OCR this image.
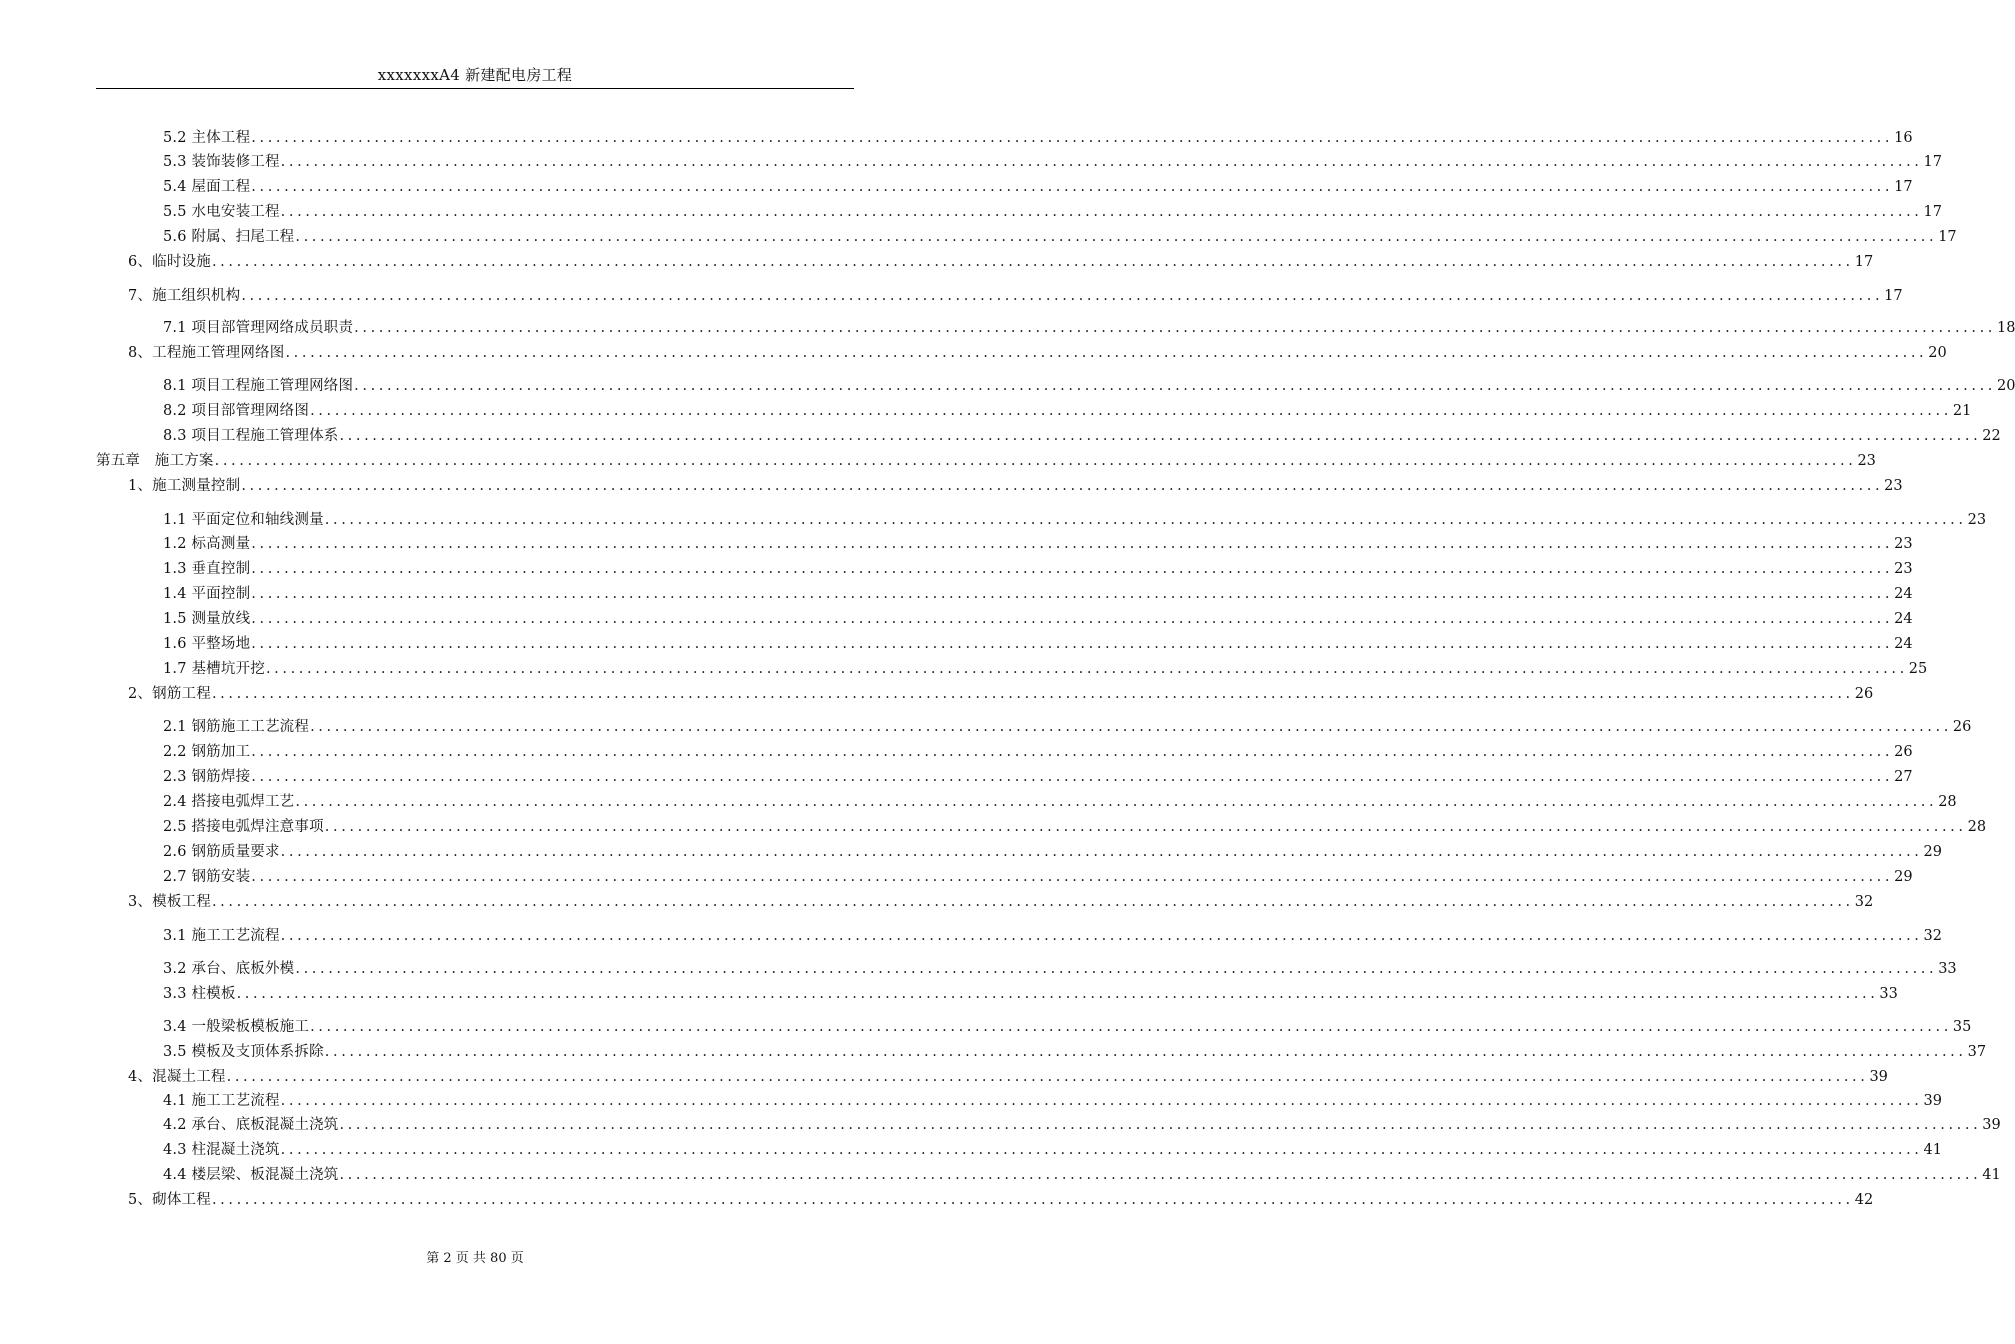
xxxxxxxA4 新建配电房工程
5.2 主体工程 ........................................................................................................................................................................................................ 16
5.3 装饰装修工程 ........................................................................................................................................................................................................ 17
5.4 屋面工程 ........................................................................................................................................................................................................ 17
5.5 水电安装工程 ........................................................................................................................................................................................................ 17
5.6 附属、扫尾工程 ........................................................................................................................................................................................................ 17
6、临时设施 ........................................................................................................................................................................................................ 17
7、施工组织机构 ........................................................................................................................................................................................................ 17
7.1 项目部管理网络成员职责 ........................................................................................................................................................................................................ 18
8、工程施工管理网络图 ........................................................................................................................................................................................................ 20
8.1 项目工程施工管理网络图 ........................................................................................................................................................................................................ 20
8.2 项目部管理网络图 ........................................................................................................................................................................................................ 21
8.3 项目工程施工管理体系 ........................................................................................................................................................................................................ 22
第五章　施工方案 ........................................................................................................................................................................................................ 23
1、施工测量控制 ........................................................................................................................................................................................................ 23
1.1 平面定位和轴线测量 ........................................................................................................................................................................................................ 23
1.2 标高测量 ........................................................................................................................................................................................................ 23
1.3 垂直控制 ........................................................................................................................................................................................................ 23
1.4 平面控制 ........................................................................................................................................................................................................ 24
1.5 测量放线 ........................................................................................................................................................................................................ 24
1.6 平整场地 ........................................................................................................................................................................................................ 24
1.7 基槽坑开挖 ........................................................................................................................................................................................................ 25
2、钢筋工程 ........................................................................................................................................................................................................ 26
2.1 钢筋施工工艺流程 ........................................................................................................................................................................................................ 26
2.2 钢筋加工 ........................................................................................................................................................................................................ 26
2.3 钢筋焊接 ........................................................................................................................................................................................................ 27
2.4 搭接电弧焊工艺 ........................................................................................................................................................................................................ 28
2.5 搭接电弧焊注意事项 ........................................................................................................................................................................................................ 28
2.6 钢筋质量要求 ........................................................................................................................................................................................................ 29
2.7 钢筋安装 ........................................................................................................................................................................................................ 29
3、模板工程 ........................................................................................................................................................................................................ 32
3.1 施工工艺流程 ........................................................................................................................................................................................................ 32
3.2 承台、底板外模 ........................................................................................................................................................................................................ 33
3.3 柱模板 ........................................................................................................................................................................................................ 33
3.4 一般梁板模板施工 ........................................................................................................................................................................................................ 35
3.5 模板及支顶体系拆除 ........................................................................................................................................................................................................ 37
4、混凝土工程 ........................................................................................................................................................................................................ 39
4.1 施工工艺流程 ........................................................................................................................................................................................................ 39
4.2 承台、底板混凝土浇筑 ........................................................................................................................................................................................................ 39
4.3 柱混凝土浇筑 ........................................................................................................................................................................................................ 41
4.4 楼层梁、板混凝土浇筑 ........................................................................................................................................................................................................ 41
5、砌体工程 ........................................................................................................................................................................................................ 42
第 2 页 共 80 页
